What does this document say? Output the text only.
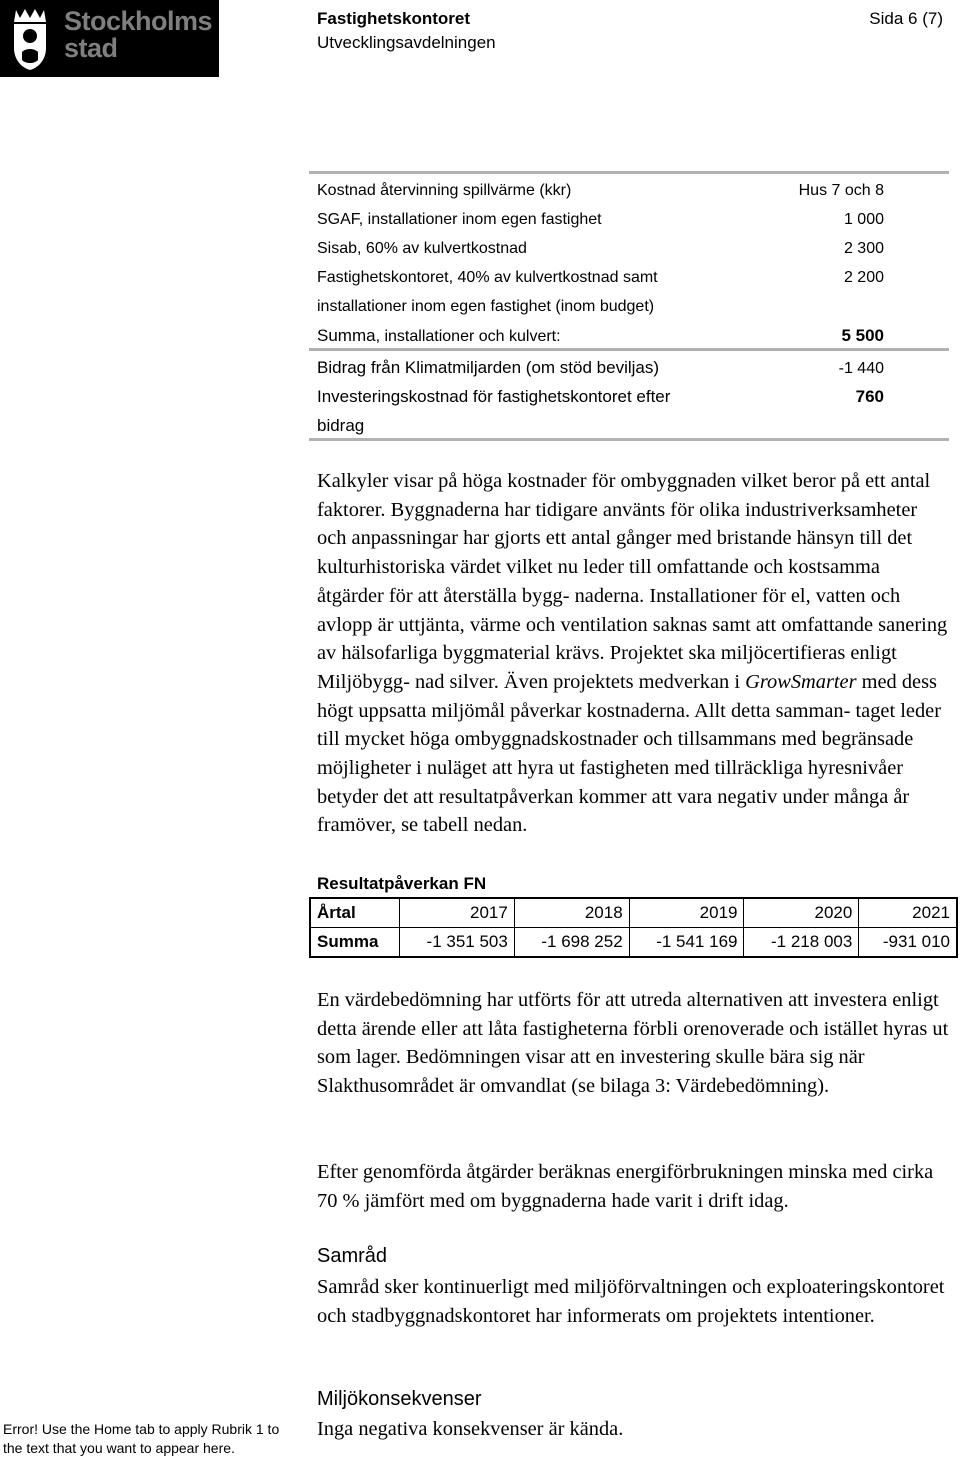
Stockholms
stad
Fastighetskontoret
Utvecklingsavdelningen
Sida 6 (7)
Kostnad återvinning spillvärme (kkr)	Hus 7 och 8
SGAF, installationer inom egen fastighet	1 000
Sisab, 60% av kulvertkostnad	2 300
Fastighetskontoret, 40% av kulvertkostnad samt	2 200
installationer inom egen fastighet (inom budget)
Summa, installationer och kulvert:	5 500
Bidrag från Klimatmiljarden (om stöd beviljas)	-1 440
Investeringskostnad för fastighetskontoret efter	760
bidrag

Kalkyler visar på höga kostnader för ombyggnaden vilket beror på ett antal faktorer. Byggnaderna har tidigare använts för olika industriverksamheter och anpassningar har gjorts ett antal gånger med bristande hänsyn till det kulturhistoriska värdet vilket nu leder till omfattande och kostsamma åtgärder för att återställa bygg- naderna. Installationer för el, vatten och avlopp är uttjänta, värme och ventilation saknas samt att omfattande sanering av hälsofarliga byggmaterial krävs. Projektet ska miljöcertifieras enligt Miljöbygg- nad silver. Även projektets medverkan i GrowSmarter med dess högt uppsatta miljömål påverkar kostnaderna. Allt detta samman- taget leder till mycket höga ombyggnadskostnader och tillsammans med begränsade möjligheter i nuläget att hyra ut fastigheten med tillräckliga hyresnivåer betyder det att resultatpåverkan kommer att vara negativ under många år framöver, se tabell nedan.

Resultatpåverkan FN
Årtal	2017	2018	2019	2020	2021
Summa	-1 351 503	-1 698 252	-1 541 169	-1 218 003	-931 010

En värdebedömning har utförts för att utreda alternativen att investera enligt detta ärende eller att låta fastigheterna förbli orenoverade och istället hyras ut som lager. Bedömningen visar att en investering skulle bära sig när Slakthusområdet är omvandlat (se bilaga 3: Värdebedömning).

Efter genomförda åtgärder beräknas energiförbrukningen minska med cirka 70 % jämfört med om byggnaderna hade varit i drift idag.

Samråd

Samråd sker kontinuerligt med miljöförvaltningen och exploateringskontoret och stadbyggnadskontoret har informerats om projektets intentioner.

Miljökonsekvenser

Inga negativa konsekvenser är kända.

Error! Use the Home tab to apply Rubrik 1 to
the text that you want to appear here.
